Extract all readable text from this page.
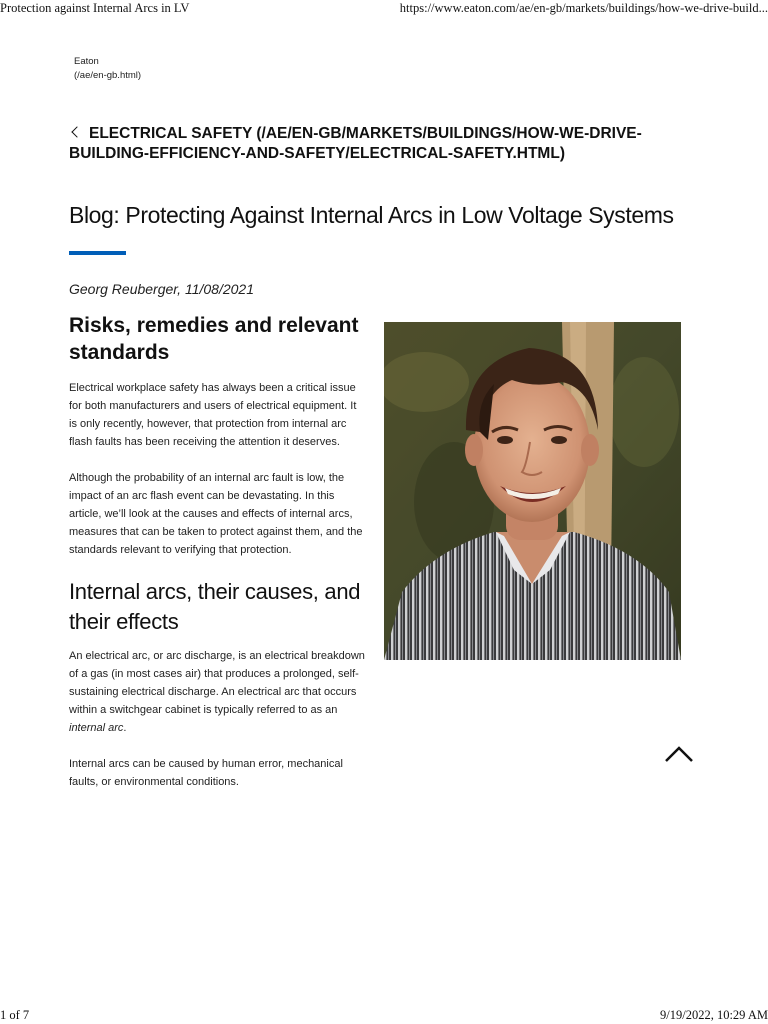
Protection against Internal Arcs in LV	https://www.eaton.com/ae/en-gb/markets/buildings/how-we-drive-build...
Eaton
(/ae/en-gb.html)
ELECTRICAL SAFETY (/AE/EN-GB/MARKETS/BUILDINGS/HOW-WE-DRIVE-BUILDING-EFFICIENCY-AND-SAFETY/ELECTRICAL-SAFETY.HTML)
Blog: Protecting Against Internal Arcs in Low Voltage Systems
Georg Reuberger, 11/08/2021
Risks, remedies and relevant standards

Electrical workplace safety has always been a critical issue for both manufacturers and users of electrical equipment. It is only recently, however, that protection from internal arc flash faults has been receiving the attention it deserves.

Although the probability of an internal arc fault is low, the impact of an arc flash event can be devastating. In this article, we’ll look at the causes and effects of internal arcs, measures that can be taken to protect against them, and the standards relevant to verifying that protection.

Internal arcs, their causes, and their effects

An electrical arc, or arc discharge, is an electrical breakdown of a gas (in most cases air) that produces a prolonged, self-sustaining electrical discharge. An electrical arc that occurs within a switchgear cabinet is typically referred to as an internal arc.

Internal arcs can be caused by human error, mechanical faults, or environmental conditions.

1 of 7	9/19/2022, 10:29 AM
